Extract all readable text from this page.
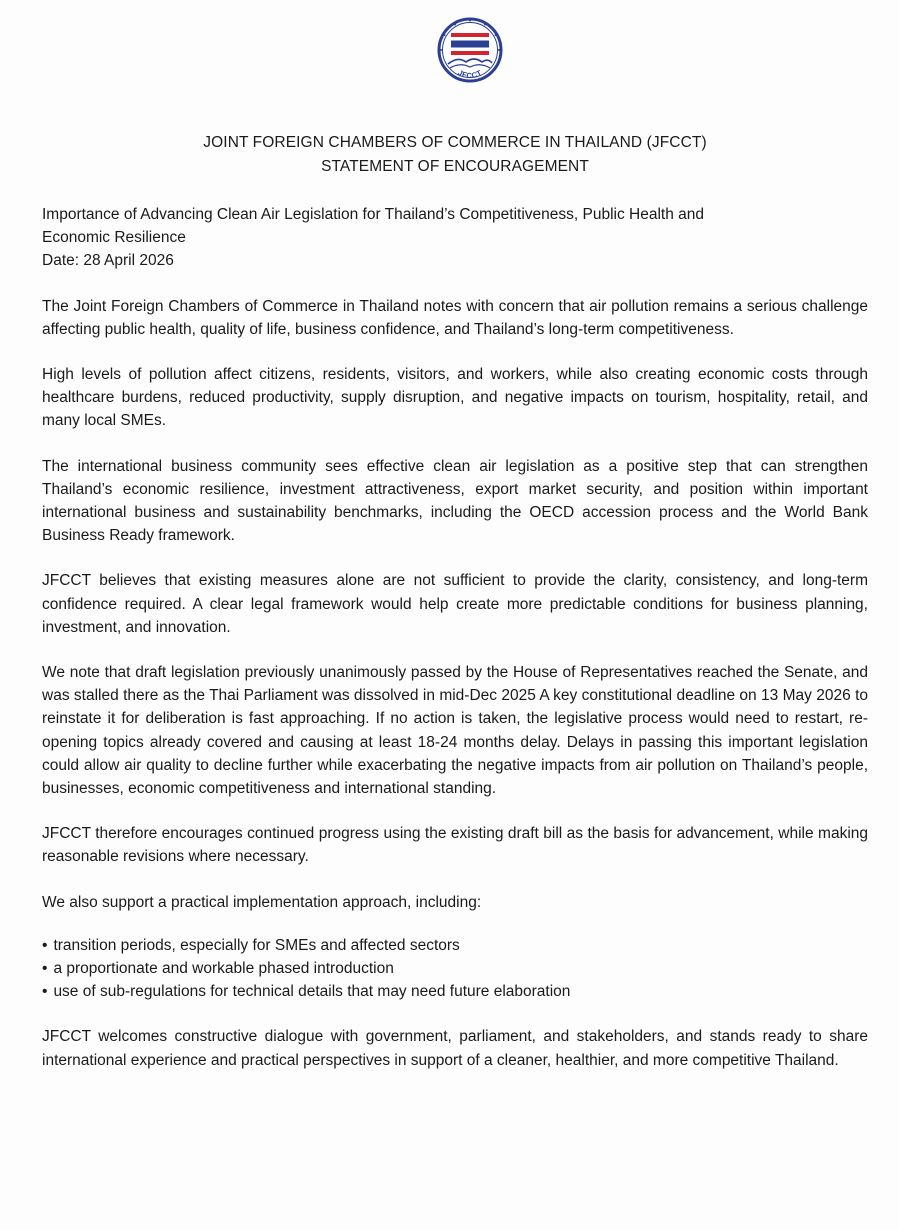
JFCCT
JOINT FOREIGN CHAMBERS OF COMMERCE IN THAILAND (JFCCT)
STATEMENT OF ENCOURAGEMENT
Importance of Advancing Clean Air Legislation for Thailand’s Competitiveness, Public Health and
Economic Resilience
Date: 28 April 2026

The Joint Foreign Chambers of Commerce in Thailand notes with concern that air pollution remains a serious challenge affecting public health, quality of life, business confidence, and Thailand’s long-term competitiveness.

High levels of pollution affect citizens, residents, visitors, and workers, while also creating economic costs through healthcare burdens, reduced productivity, supply disruption, and negative impacts on tourism, hospitality, retail, and many local SMEs.

The international business community sees effective clean air legislation as a positive step that can strengthen Thailand’s economic resilience, investment attractiveness, export market security, and position within important international business and sustainability benchmarks, including the OECD accession process and the World Bank Business Ready framework.

JFCCT believes that existing measures alone are not sufficient to provide the clarity, consistency, and long-term confidence required. A clear legal framework would help create more predictable conditions for business planning, investment, and innovation.

We note that draft legislation previously unanimously passed by the House of Representatives reached the Senate, and was stalled there as the Thai Parliament was dissolved in mid-Dec 2025 A key constitutional deadline on 13 May 2026 to reinstate it for deliberation is fast approaching. If no action is taken, the legislative process would need to restart, re-opening topics already covered and causing at least 18-24 months delay. Delays in passing this important legislation could allow air quality to decline further while exacerbating the negative impacts from air pollution on Thailand’s people, businesses, economic competitiveness and international standing.

JFCCT therefore encourages continued progress using the existing draft bill as the basis for advancement, while making reasonable revisions where necessary.

We also support a practical implementation approach, including:

• transition periods, especially for SMEs and affected sectors
• a proportionate and workable phased introduction
• use of sub-regulations for technical details that may need future elaboration

JFCCT welcomes constructive dialogue with government, parliament, and stakeholders, and stands ready to share international experience and practical perspectives in support of a cleaner, healthier, and more competitive Thailand.
